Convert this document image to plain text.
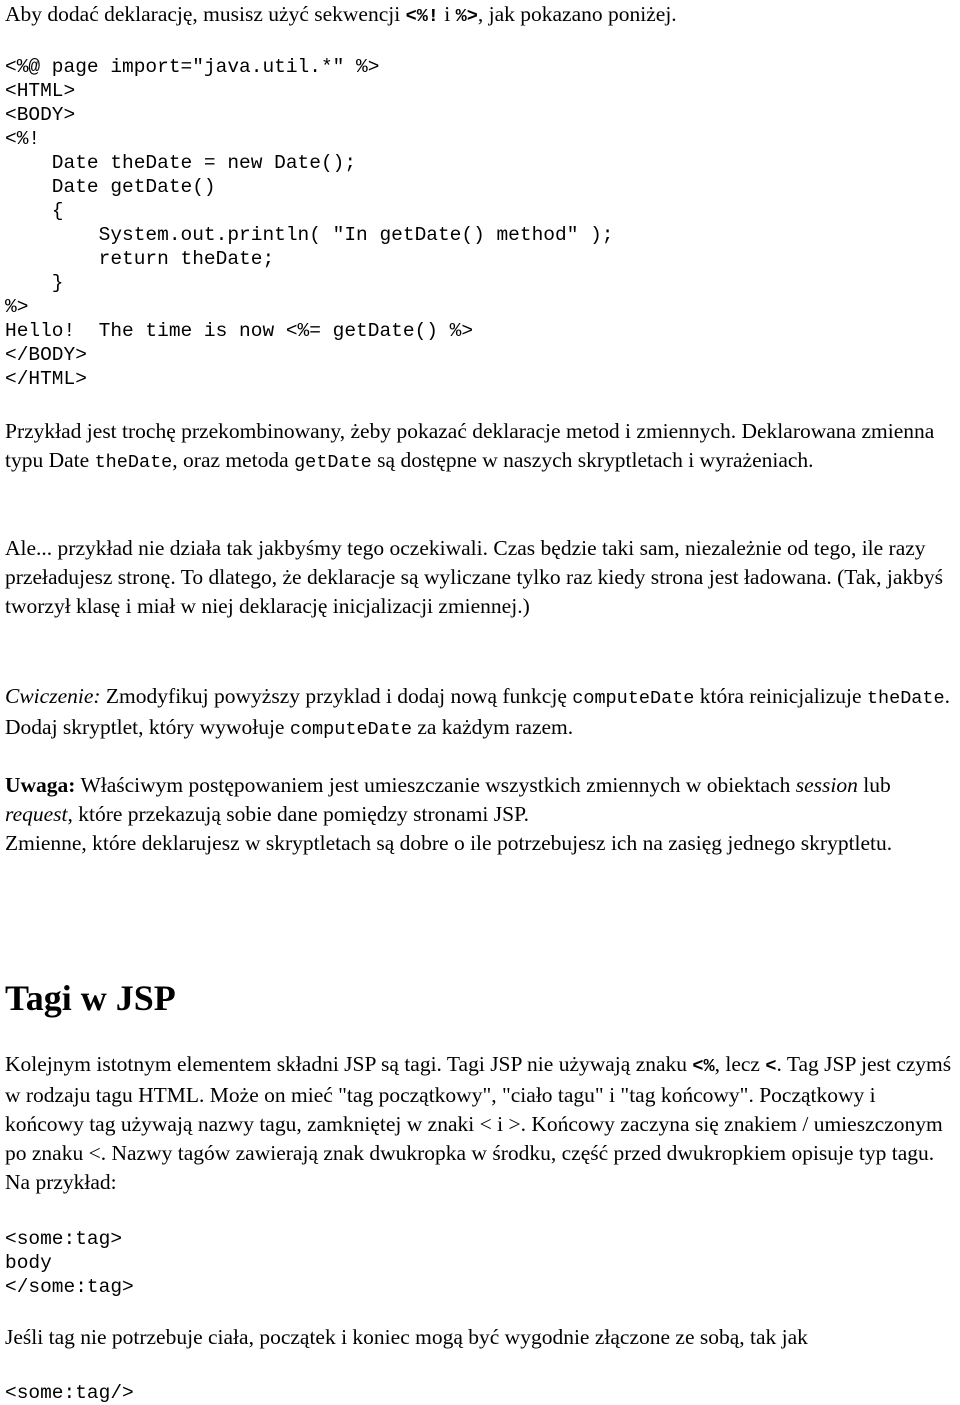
Aby dodać deklarację, musisz użyć sekwencji <%! i %>, jak pokazano poniżej.

<%@ page import="java.util.*" %>
<HTML>
<BODY>
<%!
Date theDate = new Date();
Date getDate()
{
System.out.println( "In getDate() method" );
return theDate;
}
%>
Hello!  The time is now <%= getDate() %>
</BODY>
</HTML>

Przykład jest trochę przekombinowany, żeby pokazać deklaracje metod i zmiennych. Deklarowana zmienna typu Date theDate, oraz metoda getDate są dostępne w naszych skryptletach i wyrażeniach.

Ale... przykład nie działa tak jakbyśmy tego oczekiwali. Czas będzie taki sam, niezależnie od tego, ile razy przeładujesz stronę. To dlatego, że deklaracje są wyliczane tylko raz kiedy strona jest ładowana. (Tak, jakbyś tworzył klasę i miał w niej deklarację inicjalizacji zmiennej.)

Cwiczenie: Zmodyfikuj powyższy przyklad i dodaj nową funkcję computeDate która reinicjalizuje theDate. Dodaj skryptlet, który wywołuje computeDate za każdym razem.

Uwaga: Właściwym postępowaniem jest umieszczanie wszystkich zmiennych w obiektach session lub request, które przekazują sobie dane pomiędzy stronami JSP.
Zmienne, które deklarujesz w skryptletach są dobre o ile potrzebujesz ich na zasięg jednego skryptletu.

Tagi w JSP

Kolejnym istotnym elementem składni JSP są tagi. Tagi JSP nie używają znaku <%, lecz <. Tag JSP jest czymś w rodzaju tagu HTML. Może on mieć "tag początkowy", "ciało tagu" i "tag końcowy". Początkowy i końcowy tag używają nazwy tagu, zamkniętej w znaki < i >. Końcowy zaczyna się znakiem / umieszczonym po znaku <. Nazwy tagów zawierają znak dwukropka w środku, część przed dwukropkiem opisuje typ tagu. Na przykład:

<some:tag>
body
</some:tag>

Jeśli tag nie potrzebuje ciała, początek i koniec mogą być wygodnie złączone ze sobą, tak jak

<some:tag/>
